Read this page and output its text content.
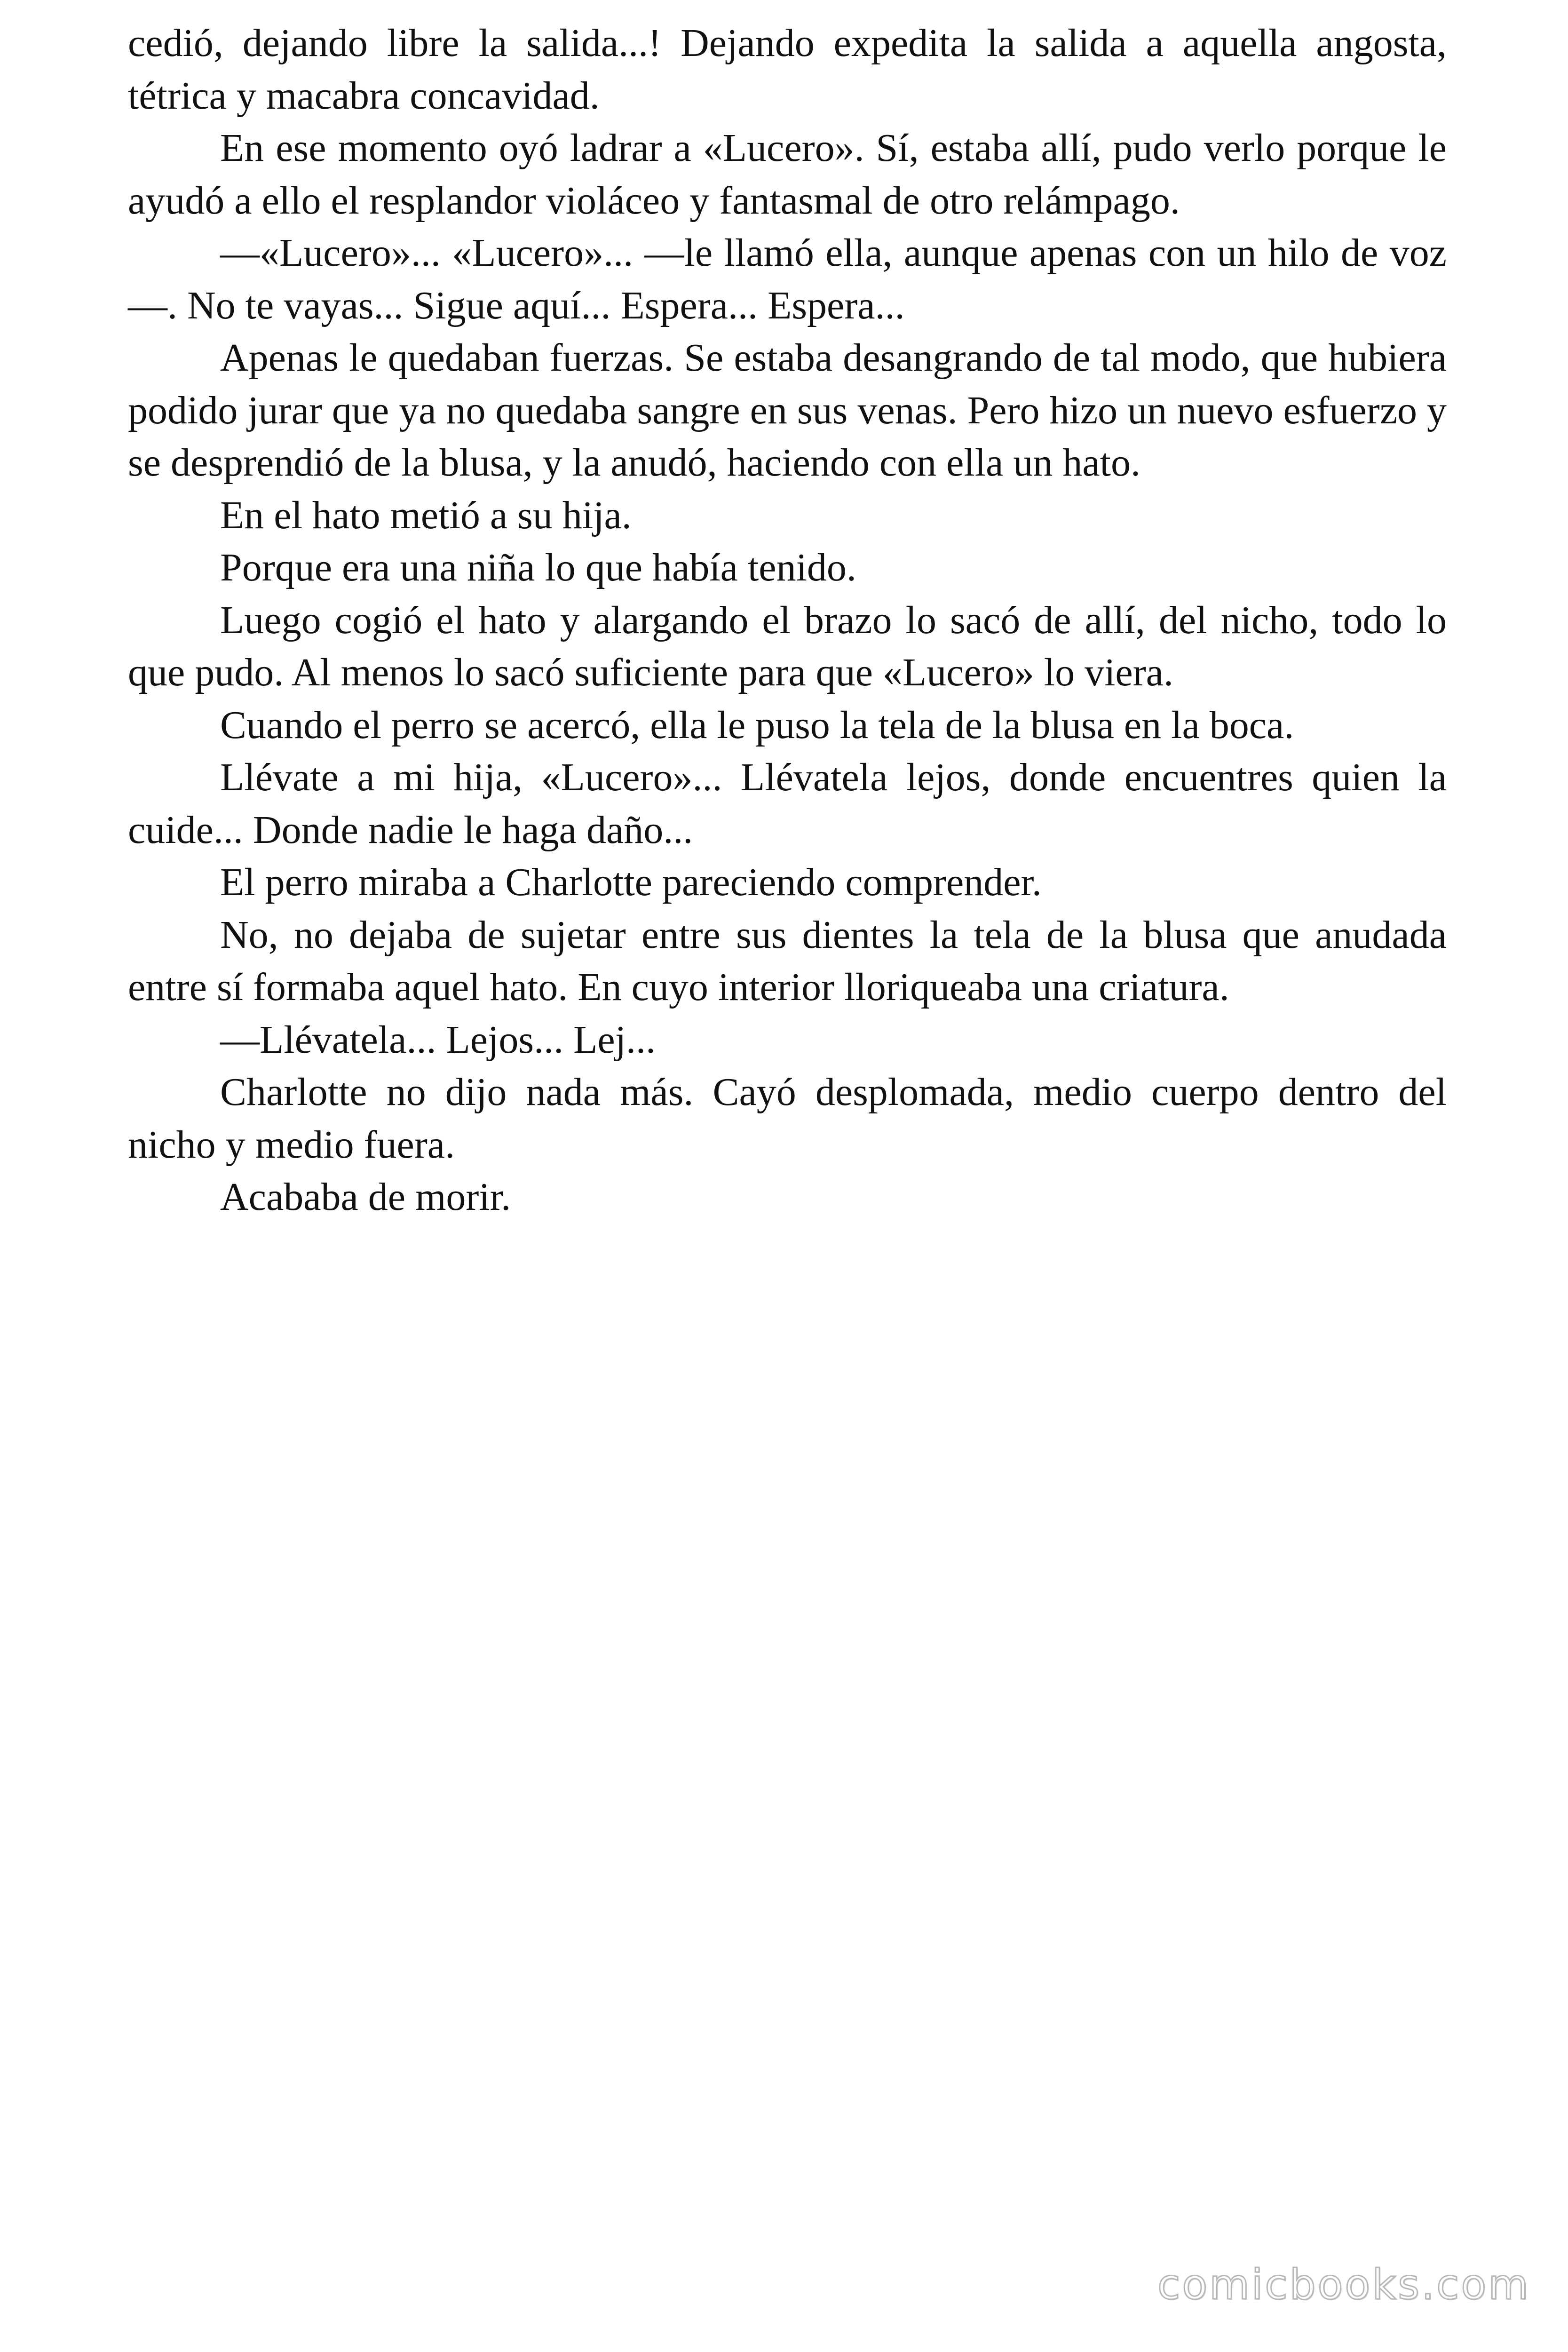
cedió, dejando libre la salida...! Dejando expedita la salida a aquella angosta, tétrica y macabra concavidad.

En ese momento oyó ladrar a «Lucero». Sí, estaba allí, pudo verlo porque le ayudó a ello el resplandor violáceo y fantasmal de otro relámpago.

—«Lucero»... «Lucero»... —le llamó ella, aunque apenas con un hilo de voz—. No te vayas... Sigue aquí... Espera... Espera...

Apenas le quedaban fuerzas. Se estaba desangrando de tal modo, que hubiera podido jurar que ya no quedaba sangre en sus venas. Pero hizo un nuevo esfuerzo y se desprendió de la blusa, y la anudó, haciendo con ella un hato.

En el hato metió a su hija.

Porque era una niña lo que había tenido.

Luego cogió el hato y alargando el brazo lo sacó de allí, del nicho, todo lo que pudo. Al menos lo sacó suficiente para que «Lucero» lo viera.

Cuando el perro se acercó, ella le puso la tela de la blusa en la boca.

Llévate a mi hija, «Lucero»... Llévatela lejos, donde encuentres quien la cuide... Donde nadie le haga daño...

El perro miraba a Charlotte pareciendo comprender.

No, no dejaba de sujetar entre sus dientes la tela de la blusa que anudada entre sí formaba aquel hato. En cuyo interior lloriqueaba una criatura.

—Llévatela... Lejos... Lej...

Charlotte no dijo nada más. Cayó desplomada, medio cuerpo dentro del nicho y medio fuera.

Acababa de morir.

comicbooks.com
